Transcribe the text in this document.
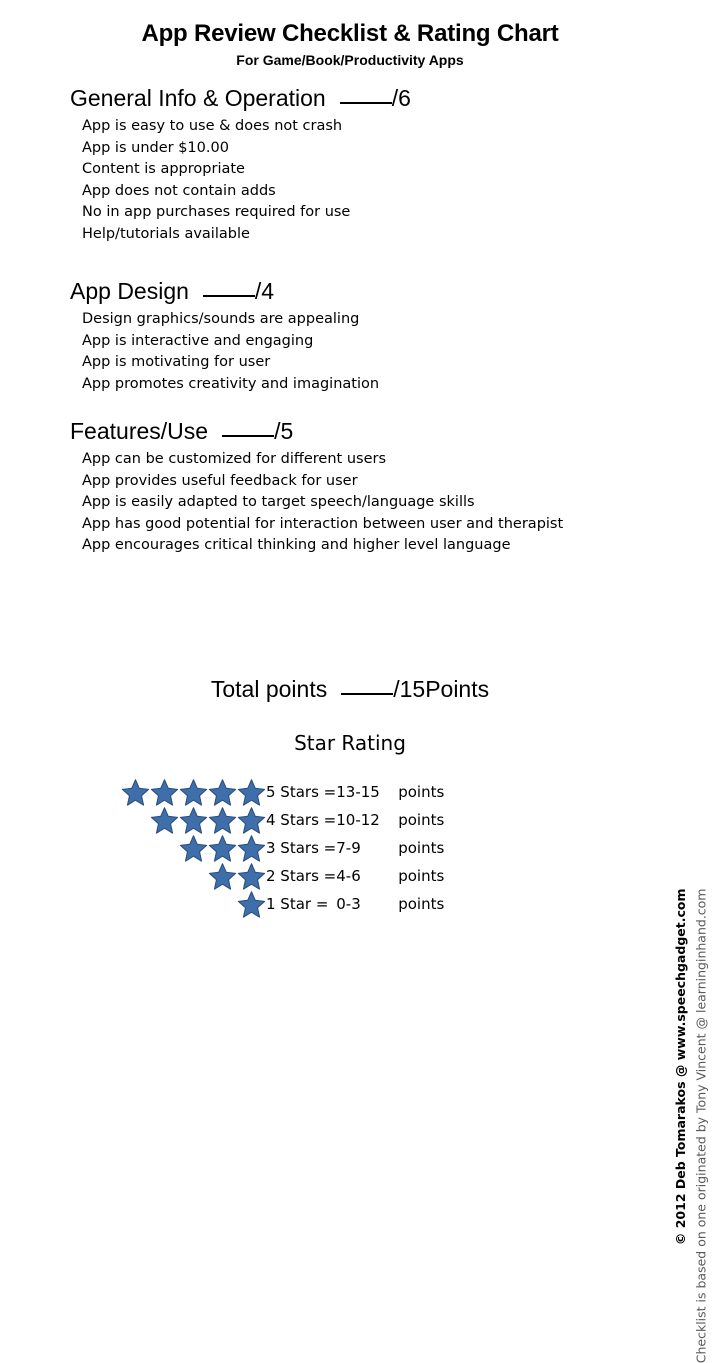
App Review Checklist & Rating Chart
For Game/Book/Productivity Apps
General Info & Operation	/6
App is easy to use & does not crash
App is under $10.00
Content is appropriate
App does not contain adds
No in app purchases required for use
Help/tutorials available
App Design	/4
Design graphics/sounds are appealing
App is interactive and engaging
App is motivating for user
App promotes creativity and imagination
Features/Use	/5
App can be customized for different users
App provides useful feedback for user
App is easily adapted to target speech/language skills
App has good potential for interaction between user and therapist
App encourages critical thinking and higher level language
Total points	/15Points
Star Rating
	5 Stars =	13-15	points
	4 Stars =	10-12	points
	3 Stars =	7-9	points
	2 Stars =	4-6	points
	1 Star =	0-3	points	© 2012 Deb Tomarakos @ www.speechgadget.com Checklist is based on one originated by Tony Vincent @ learninginhand.com
